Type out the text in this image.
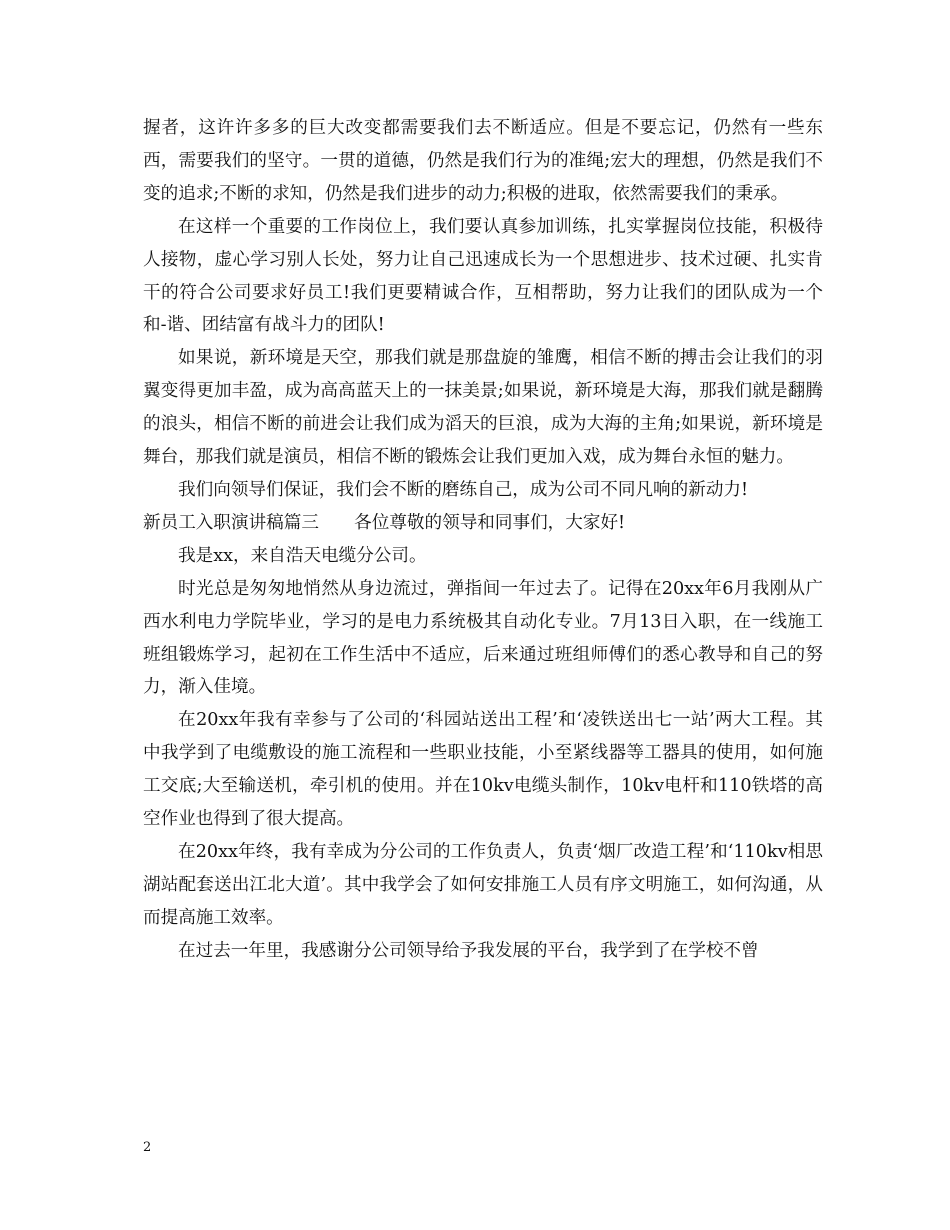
握者，这许许多多的巨大改变都需要我们去不断适应。但是不要忘记，仍然有一些东西，需要我们的坚守。一贯的道德，仍然是我们行为的准绳;宏大的理想，仍然是我们不变的追求;不断的求知，仍然是我们进步的动力;积极的进取，依然需要我们的秉承。

在这样一个重要的工作岗位上，我们要认真参加训练，扎实掌握岗位技能，积极待人接物，虚心学习别人长处，努力让自己迅速成长为一个思想进步、技术过硬、扎实肯干的符合公司要求好员工!我们更要精诚合作，互相帮助，努力让我们的团队成为一个和-谐、团结富有战斗力的团队!

如果说，新环境是天空，那我们就是那盘旋的雏鹰，相信不断的搏击会让我们的羽翼变得更加丰盈，成为高高蓝天上的一抹美景;如果说，新环境是大海，那我们就是翻腾的浪头，相信不断的前进会让我们成为滔天的巨浪，成为大海的主角;如果说，新环境是舞台，那我们就是演员，相信不断的锻炼会让我们更加入戏，成为舞台永恒的魅力。

我们向领导们保证，我们会不断的磨练自己，成为公司不同凡响的新动力!

新员工入职演讲稿篇三　　各位尊敬的领导和同事们，大家好!

我是xx，来自浩天电缆分公司。

时光总是匆匆地悄然从身边流过，弹指间一年过去了。记得在20xx年6月我刚从广西水利电力学院毕业，学习的是电力系统极其自动化专业。7月13日入职，在一线施工班组锻炼学习，起初在工作生活中不适应，后来通过班组师傅们的悉心教导和自己的努力，渐入佳境。

在20xx年我有幸参与了公司的‘科园站送出工程’和‘凌铁送出七一站’两大工程。其中我学到了电缆敷设的施工流程和一些职业技能，小至紧线器等工器具的使用，如何施工交底;大至输送机，牵引机的使用。并在10kv电缆头制作，10kv电杆和110铁塔的高空作业也得到了很大提高。

在20xx年终，我有幸成为分公司的工作负责人，负责‘烟厂改造工程’和‘110kv相思湖站配套送出江北大道’。其中我学会了如何安排施工人员有序文明施工，如何沟通，从而提高施工效率。

在过去一年里，我感谢分公司领导给予我发展的平台，我学到了在学校不曾

2
